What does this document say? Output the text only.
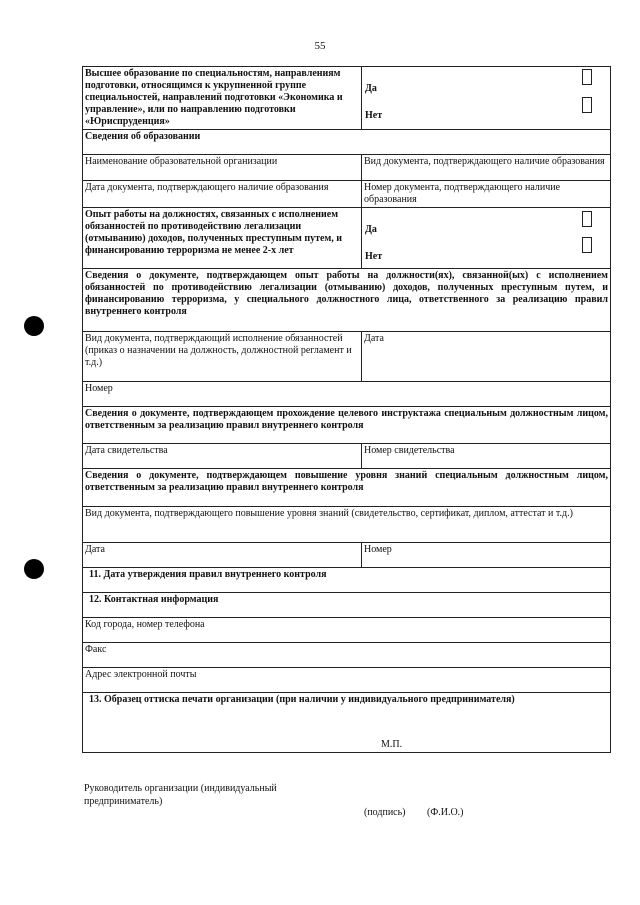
55
Высшее образование по специальностям, направлениям подготовки, относящимся к укрупненной группе специальностей, направлений подготовки «Экономика и управление», или по направлению подготовки «Юриспруденция»	Да
Нет

Сведения об образовании	
Наименование образовательной организации	Вид документа, подтверждающего наличие образования
Дата документа, подтверждающего наличие образования	Номер документа, подтверждающего наличие образования
Опыт работы на должностях, связанных с исполнением обязанностей по противодействию легализации (отмыванию) доходов, полученных преступным путем, и финансированию терроризма не менее 2-х лет	Да
Нет

Сведения о документе, подтверждающем опыт работы на должности(ях), связанной(ых) с исполнением обязанностей по противодействию легализации (отмыванию) доходов, полученных преступным путем, и финансированию терроризма, у специального должностного лица, ответственного за реализацию правил внутреннего контроля	
Вид документа, подтверждающий исполнение обязанностей (приказ о назначении на должность, должностной регламент и т.д.)	Дата
Номер	
Сведения о документе, подтверждающем прохождение целевого инструктажа специальным должностным лицом, ответственным за реализацию правил внутреннего контроля	
Дата свидетельства	Номер свидетельства
Сведения о документе, подтверждающем повышение уровня знаний специальным должностным лицом, ответственным за реализацию правил внутреннего контроля	
Вид документа, подтверждающего повышение уровня знаний (свидетельство, сертификат, диплом, аттестат и т.д.)	
Дата	Номер
11. Дата утверждения правил внутреннего контроля	
12. Контактная информация	
Код города, номер телефона	
Факс	
Адрес электронной почты	

13. Образец оттиска печати организации (при наличии у индивидуального предпринимателя)
М.П.	
Руководитель организации (индивидуальный предприниматель)
(подпись) (Ф.И.О.)
